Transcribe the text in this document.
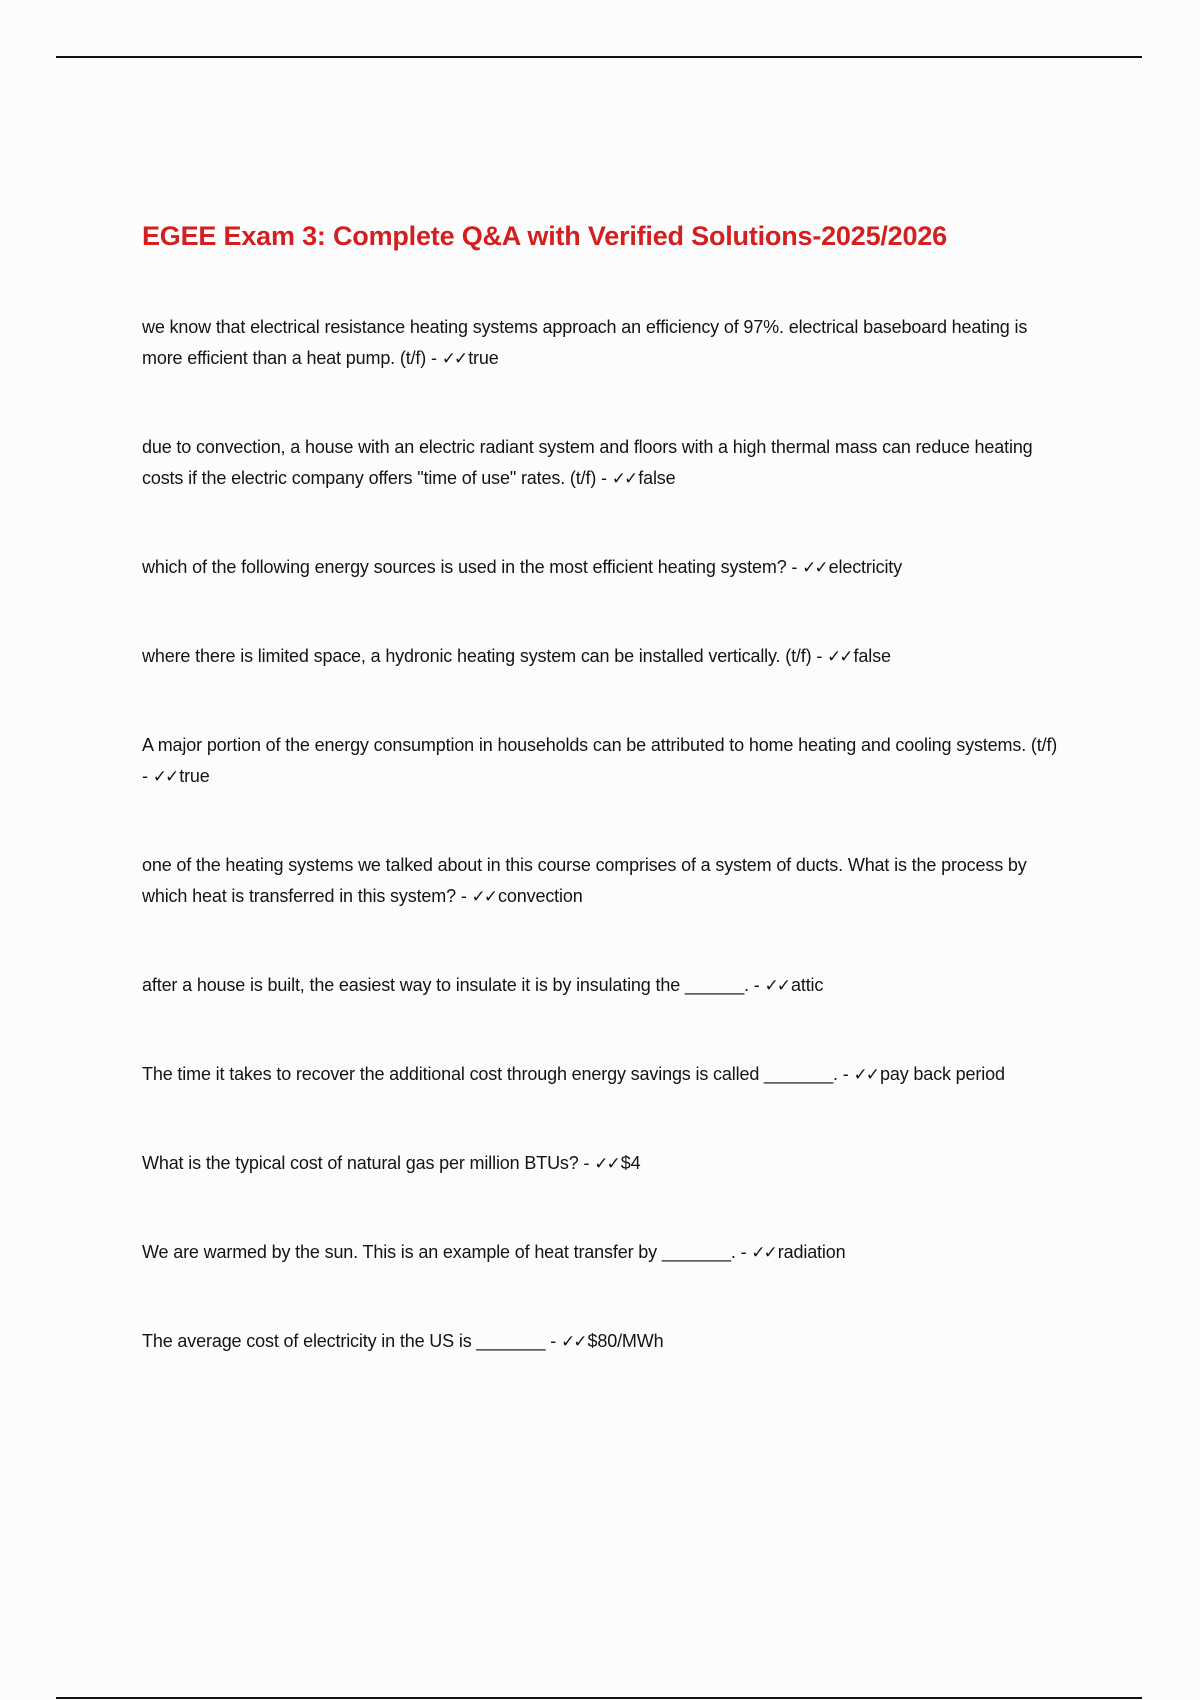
EGEE Exam 3: Complete Q&A with Verified Solutions-2025/2026

we know that electrical resistance heating systems approach an efficiency of 97%. electrical baseboard heating is more efficient than a heat pump. (t/f) - ✓✓ true

due to convection, a house with an electric radiant system and floors with a high thermal mass can reduce heating costs if the electric company offers "time of use" rates. (t/f) - ✓✓ false

which of the following energy sources is used in the most efficient heating system? - ✓✓ electricity

where there is limited space, a hydronic heating system can be installed vertically. (t/f) - ✓✓ false

A major portion of the energy consumption in households can be attributed to home heating and cooling systems. (t/f) - ✓✓ true

one of the heating systems we talked about in this course comprises of a system of ducts. What is the process by which heat is transferred in this system? - ✓✓ convection

after a house is built, the easiest way to insulate it is by insulating the ______. - ✓✓ attic

The time it takes to recover the additional cost through energy savings is called _______. - ✓✓ pay back period

What is the typical cost of natural gas per million BTUs? - ✓✓ $4

We are warmed by the sun. This is an example of heat transfer by _______. - ✓✓ radiation

The average cost of electricity in the US is _______ - ✓✓ $80/MWh
